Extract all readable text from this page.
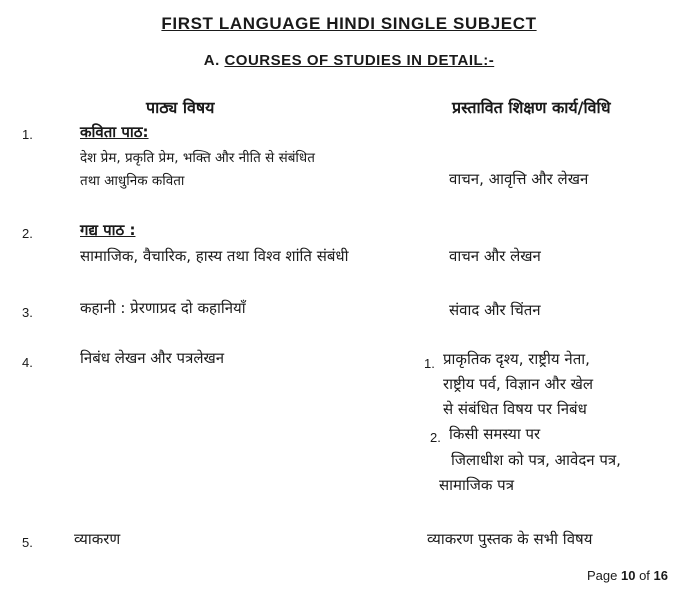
FIRST LANGUAGE HINDI SINGLE SUBJECT
A. COURSES OF STUDIES IN DETAIL:-
पाठ्य विषय	प्रस्तावित शिक्षण कार्य/विधि
1.	कविता पाठ:
देश प्रेम, प्रकृति प्रेम, भक्ति और नीति से संबंधित
तथा आधुनिक कविता	वाचन, आवृत्ति और लेखन
2.	गद्य पाठ :
सामाजिक, वैचारिक, हास्य तथा विश्व शांति संबंधी	वाचन और लेखन
3.	कहानी : प्रेरणाप्रद दो कहानियाँ	संवाद और चिंतन
4.	निबंध लेखन और पत्रलेखन	1. प्राकृतिक दृश्य, राष्ट्रीय नेता,
राष्ट्रीय पर्व, विज्ञान और खेल
से संबंधित विषय पर निबंध
2. किसी समस्या पर
जिलाधीश को पत्र, आवेदन पत्र,
सामाजिक पत्र
5.	व्याकरण	व्याकरण पुस्तक के सभी विषय
Page 10 of 16
